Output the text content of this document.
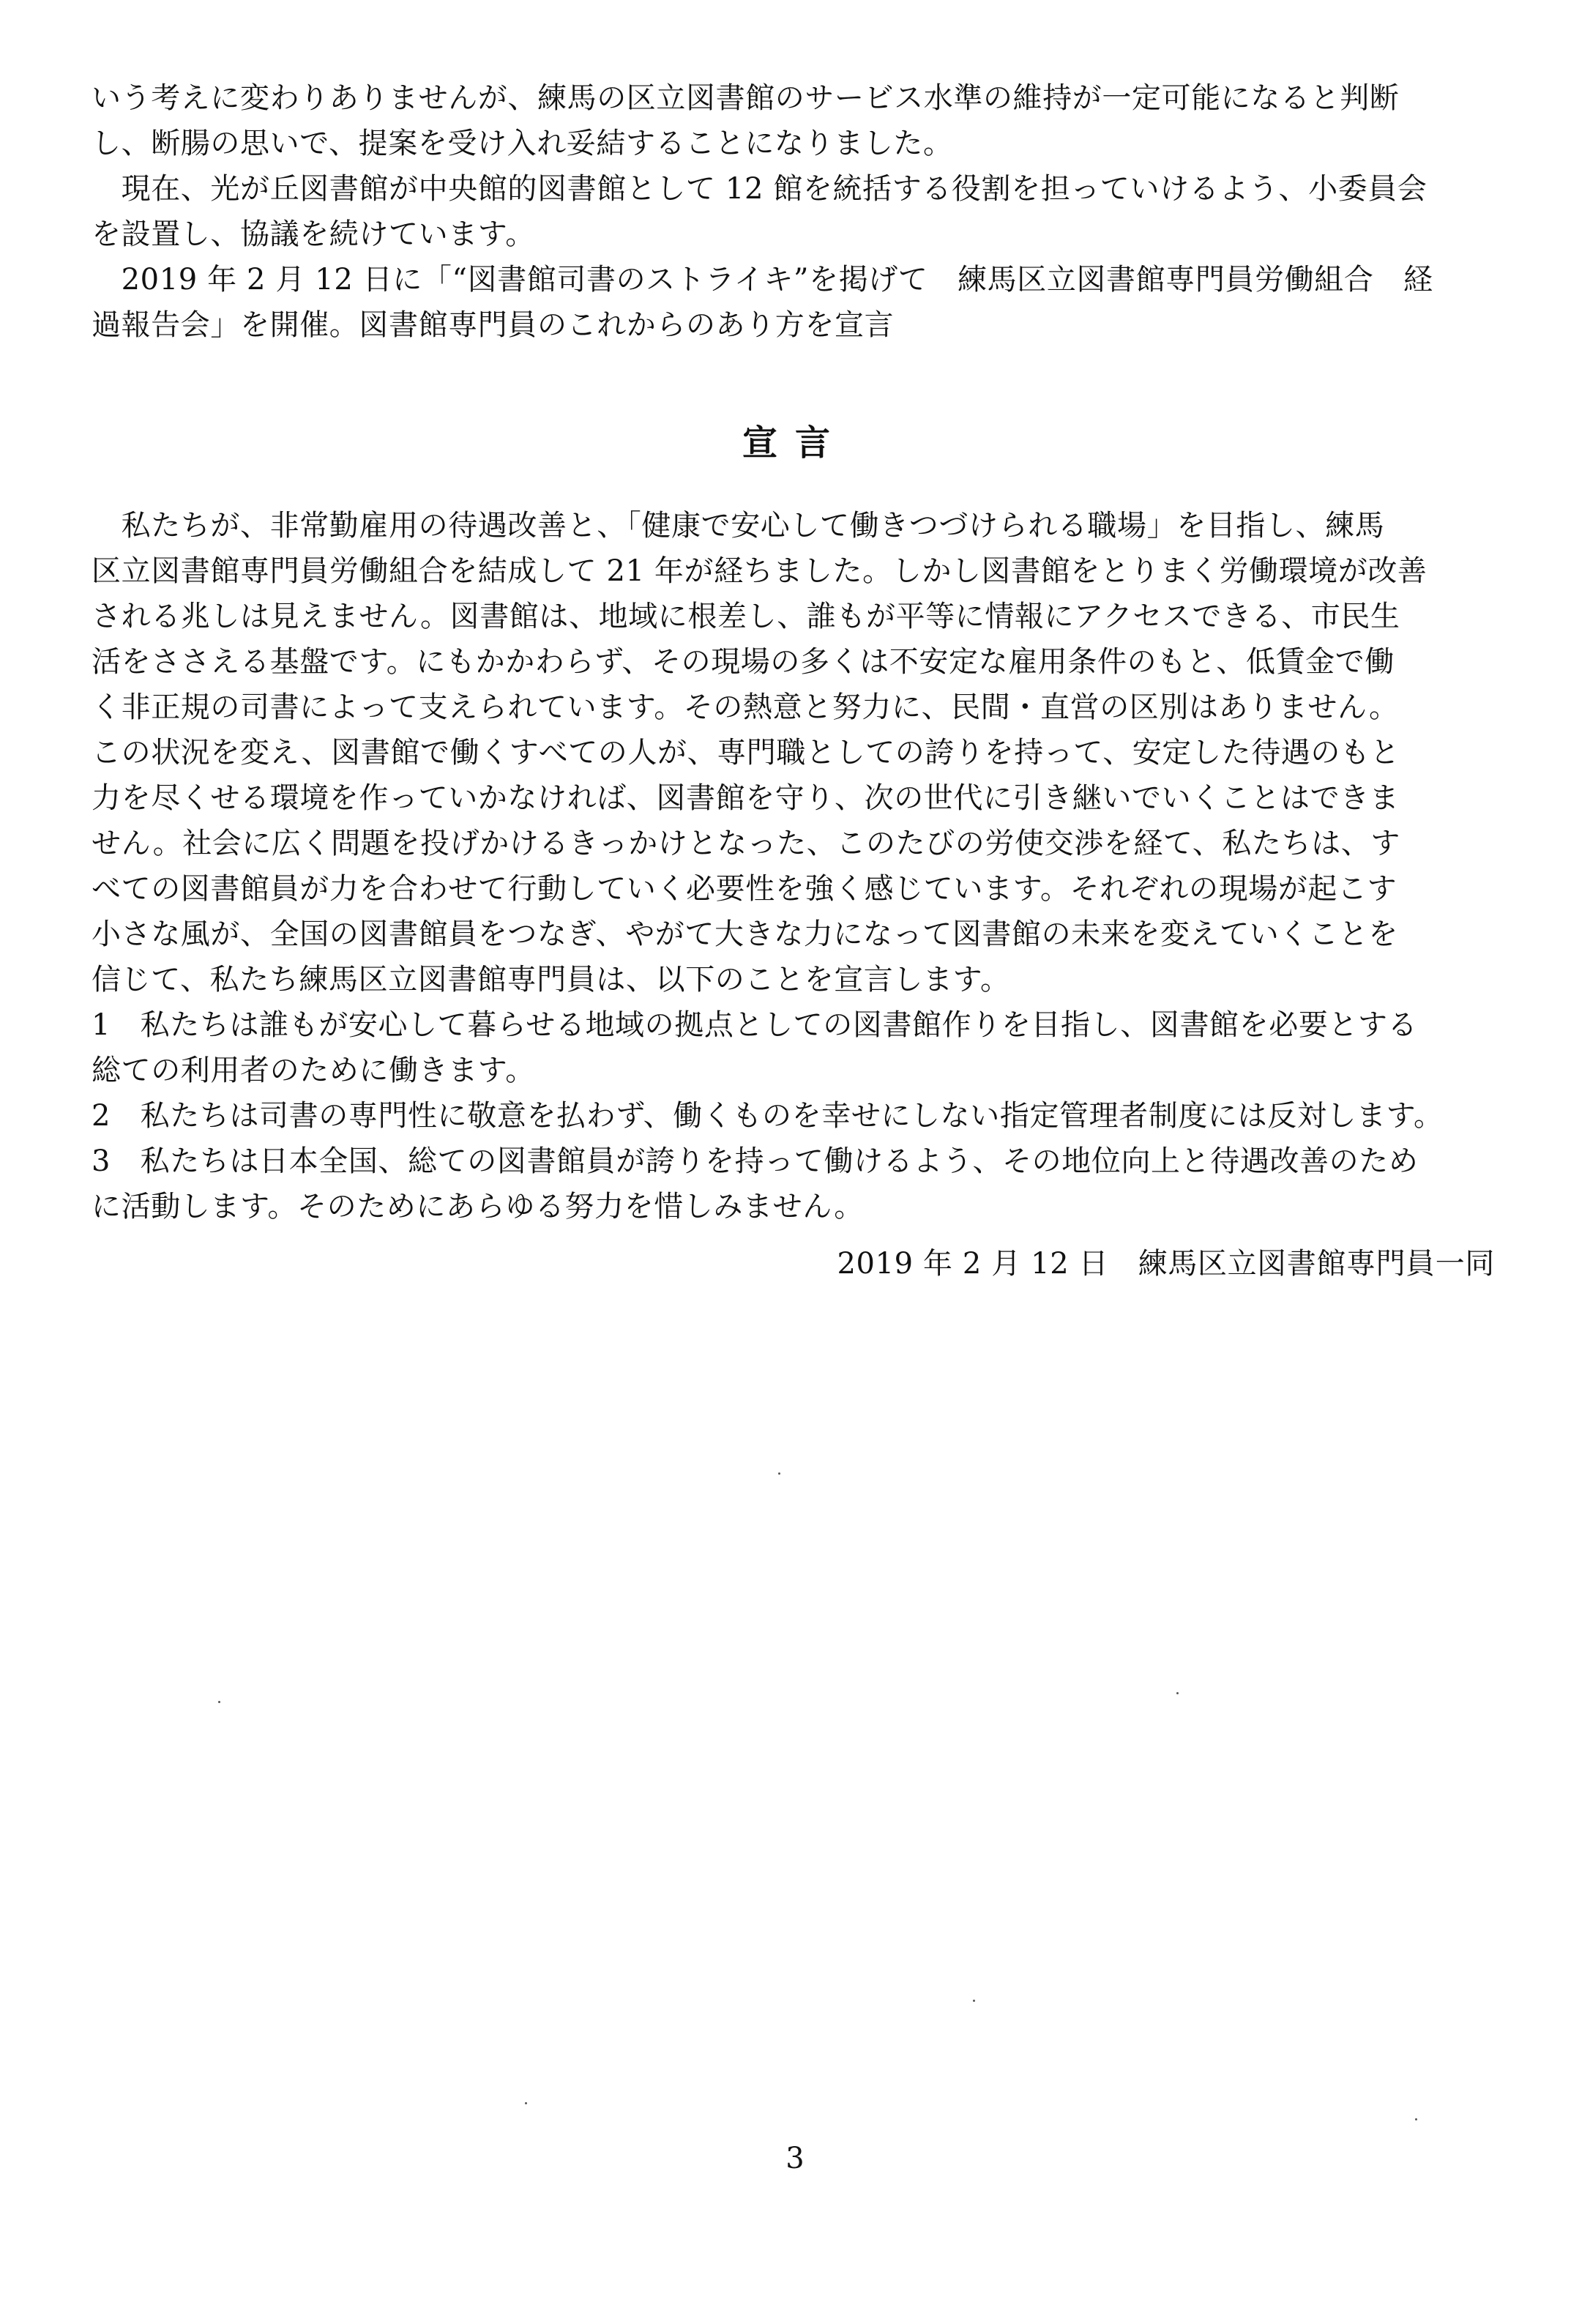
いう考えに変わりありませんが、練馬の区立図書館のサービス水準の維持が一定可能になると判断
し、断腸の思いで、提案を受け入れ妥結することになりました。
　現在、光が丘図書館が中央館的図書館として 12 館を統括する役割を担っていけるよう、小委員会
を設置し、協議を続けています。
　2019 年 2 月 12 日に「“図書館司書のストライキ”を掲げて　練馬区立図書館専門員労働組合　経
過報告会」を開催。図書館専門員のこれからのあり方を宣言
宣言
　私たちが、非常勤雇用の待遇改善と、「健康で安心して働きつづけられる職場」を目指し、練馬
区立図書館専門員労働組合を結成して 21 年が経ちました。しかし図書館をとりまく労働環境が改善
される兆しは見えません。図書館は、地域に根差し、誰もが平等に情報にアクセスできる、市民生
活をささえる基盤です。にもかかわらず、その現場の多くは不安定な雇用条件のもと、低賃金で働
く非正規の司書によって支えられています。その熱意と努力に、民間・直営の区別はありません。
この状況を変え、図書館で働くすべての人が、専門職としての誇りを持って、安定した待遇のもと
力を尽くせる環境を作っていかなければ、図書館を守り、次の世代に引き継いでいくことはできま
せん。社会に広く問題を投げかけるきっかけとなった、このたびの労使交渉を経て、私たちは、す
べての図書館員が力を合わせて行動していく必要性を強く感じています。それぞれの現場が起こす
小さな風が、全国の図書館員をつなぎ、やがて大きな力になって図書館の未来を変えていくことを
信じて、私たち練馬区立図書館専門員は、以下のことを宣言します。
1　私たちは誰もが安心して暮らせる地域の拠点としての図書館作りを目指し、図書館を必要とする
総ての利用者のために働きます。
2　私たちは司書の専門性に敬意を払わず、働くものを幸せにしない指定管理者制度には反対します。
3　私たちは日本全国、総ての図書館員が誇りを持って働けるよう、その地位向上と待遇改善のため
に活動します。そのためにあらゆる努力を惜しみません。
2019 年 2 月 12 日　練馬区立図書館専門員一同
3
